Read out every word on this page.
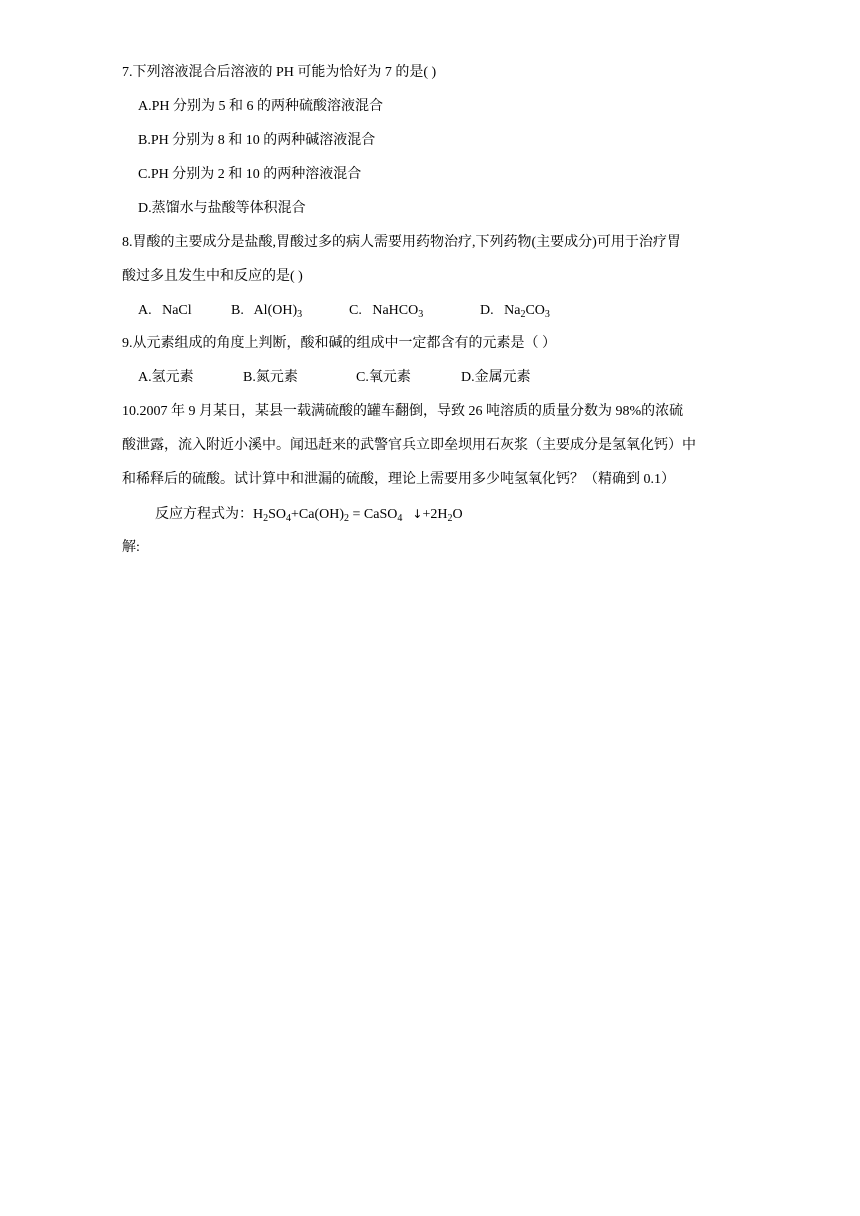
7.下列溶液混合后溶液的 PH 可能为恰好为 7 的是( )
A.PH 分别为 5 和 6 的两种硫酸溶液混合
B.PH 分别为 8 和 10 的两种碱溶液混合
C.PH 分别为 2 和 10 的两种溶液混合
D.蒸馏水与盐酸等体积混合
8.胃酸的主要成分是盐酸,胃酸过多的病人需要用药物治疗,下列药物(主要成分)可用于治疗胃
酸过多且发生中和反应的是( )
A.   NaCl	B.   $Al(OH)_3$	C.   NaHCO$_3$	D.   $Na_2CO_3$
9.从元素组成的角度上判断，酸和碱的组成中一定都含有的元素是（ ）
A.氢元素	B.氮元素	C.氧元素	D.金属元素
10.2007 年 9 月某日，某县一载满硫酸的罐车翻倒，导致 26 吨溶质的质量分数为 98%的浓硫
酸泄露，流入附近小溪中。闻迅赶来的武警官兵立即垒坝用石灰浆（主要成分是氢氧化钙）中
和稀释后的硫酸。试计算中和泄漏的硫酸，理论上需要用多少吨氢氧化钙？（精确到 0.1）
反应方程式为：$H_2SO_4+Ca(OH)_2$ = CaSO$_4$ $↓+2H_2O$
解:
